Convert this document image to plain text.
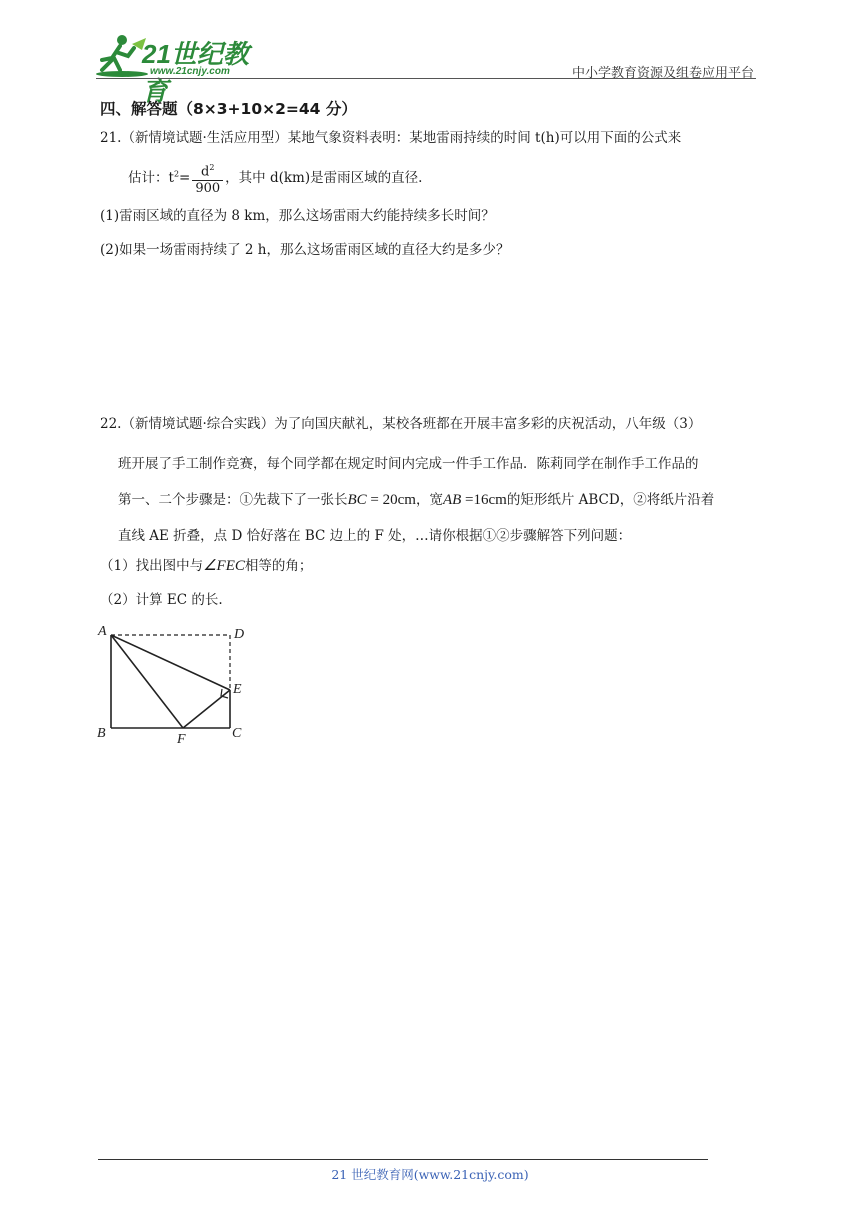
21世纪教育
www.21cnjy.com	中小学教育资源及组卷应用平台
四、解答题（8×3+10×2=44 分）
21.（新情境试题·生活应用型）某地气象资料表明：某地雷雨持续的时间 t(h)可以用下面的公式来
估计：$t^2= \frac{d^2}{900}$ ，其中 d(km)是雷雨区域的直径.
(1)雷雨区域的直径为 8 km，那么这场雷雨大约能持续多长时间？
(2)如果一场雷雨持续了 2 h，那么这场雷雨区域的直径大约是多少？
22.（新情境试题·综合实践）为了向国庆献礼，某校各班都在开展丰富多彩的庆祝活动，八年级（3）
班开展了手工制作竞赛，每个同学都在规定时间内完成一件手工作品．陈莉同学在制作手工作品的
第一、二个步骤是：①先裁下了一张长BC = 20cm，宽AB =16cm的矩形纸片 ABCD，②将纸片沿着
直线 AE 折叠，点 D 恰好落在 BC 边上的 F 处，…请你根据①②步骤解答下列问题：
（1）找出图中与∠FEC相等的角；
（2）计算 EC 的长.
A	D
E
B	F	C
21 世纪教育网(www.21cnjy.com)
